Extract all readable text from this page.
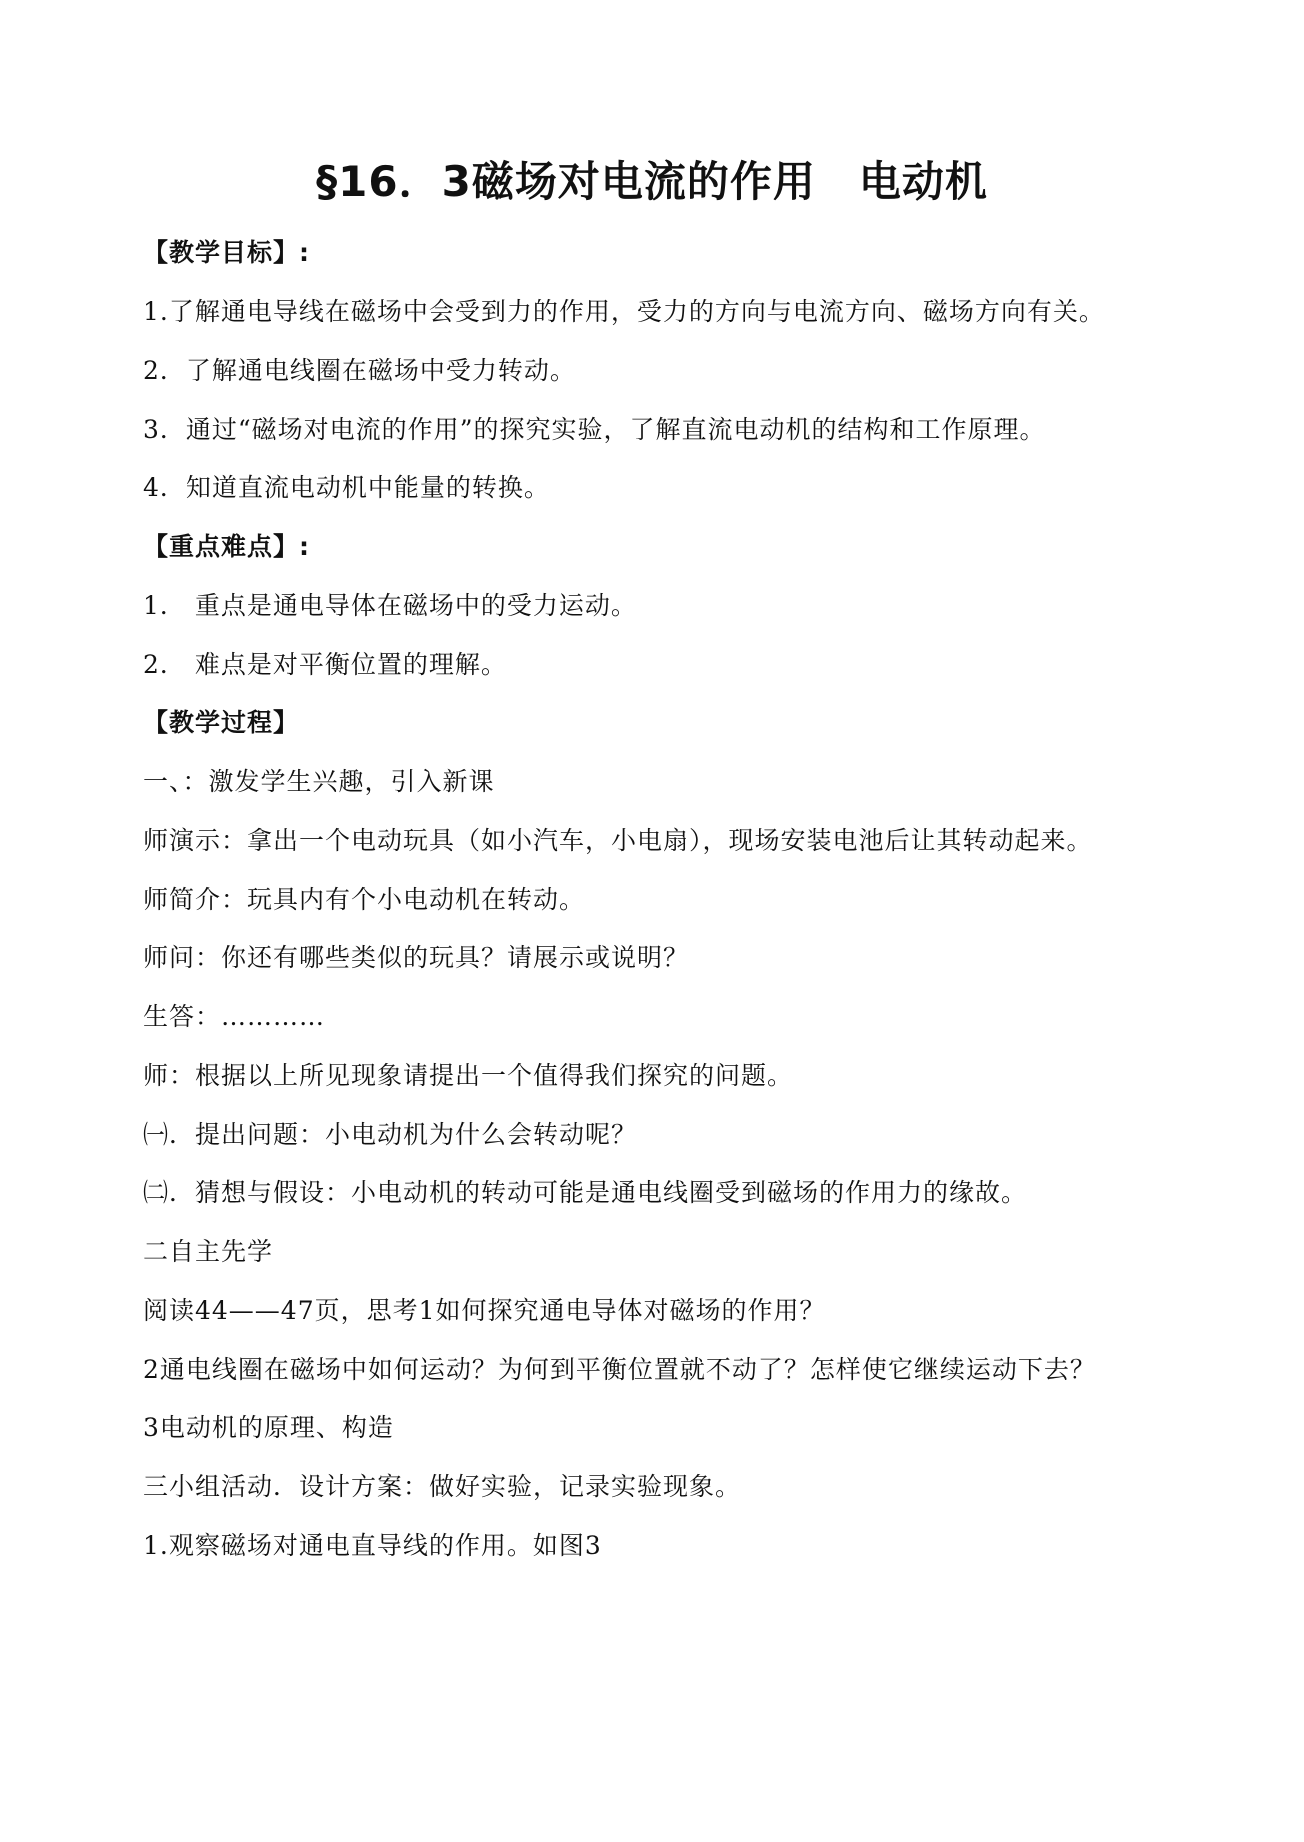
§16．3磁场对电流的作用　电动机
【教学目标】:
1.了解通电导线在磁场中会受到力的作用，受力的方向与电流方向、磁场方向有关。
2．了解通电线圈在磁场中受力转动。
3．通过“磁场对电流的作用”的探究实验，了解直流电动机的结构和工作原理。
4．知道直流电动机中能量的转换。
【重点难点】:
1． 重点是通电导体在磁场中的受力运动。
2． 难点是对平衡位置的理解。
【教学过程】
一、：激发学生兴趣，引入新课
师演示：拿出一个电动玩具（如小汽车，小电扇），现场安装电池后让其转动起来。
师简介：玩具内有个小电动机在转动。
师问：你还有哪些类似的玩具？请展示或说明？
生答：…………
师：根据以上所见现象请提出一个值得我们探究的问题。
㈠．提出问题：小电动机为什么会转动呢？
㈡．猜想与假设：小电动机的转动可能是通电线圈受到磁场的作用力的缘故。
二自主先学
阅读44——47页，思考1如何探究通电导体对磁场的作用？
2通电线圈在磁场中如何运动？为何到平衡位置就不动了？怎样使它继续运动下去？
3电动机的原理、构造
三小组活动．设计方案：做好实验，记录实验现象。
1.观察磁场对通电直导线的作用。如图3
